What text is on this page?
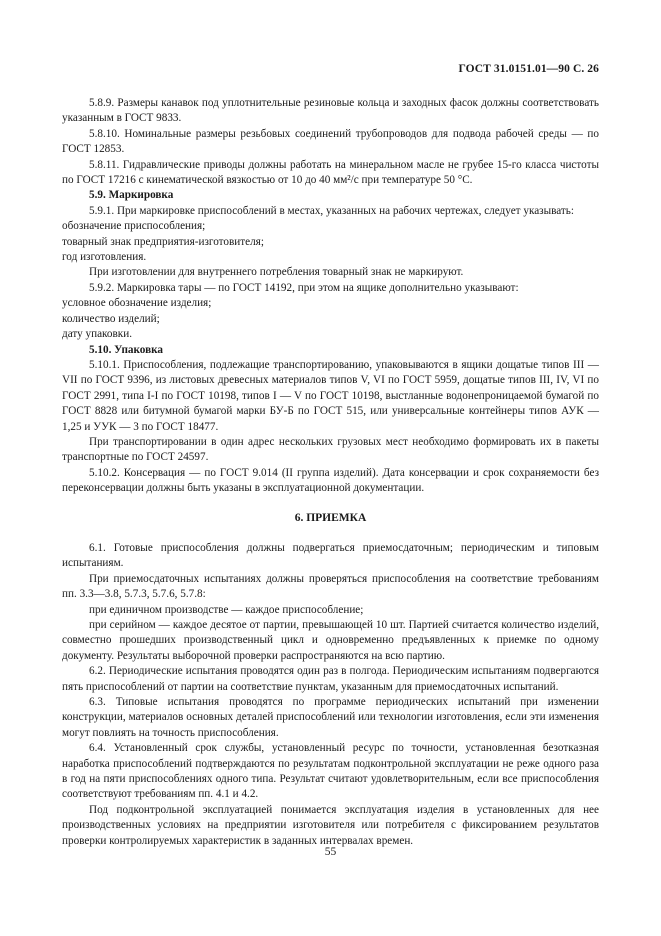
ГОСТ 31.0151.01—90 С. 26

5.8.9. Размеры канавок под уплотнительные резиновые кольца и заходных фасок должны соответствовать указанным в ГОСТ 9833.

5.8.10. Номинальные размеры резьбовых соединений трубопроводов для подвода рабочей среды — по ГОСТ 12853.

5.8.11. Гидравлические приводы должны работать на минеральном масле не грубее 15-го класса чистоты по ГОСТ 17216 с кинематической вязкостью от 10 до 40 мм²/с при температуре 50 °С.

5.9. Маркировка

5.9.1. При маркировке приспособлений в местах, указанных на рабочих чертежах, следует указывать:

обозначение приспособления;

товарный знак предприятия-изготовителя;

год изготовления.

При изготовлении для внутреннего потребления товарный знак не маркируют.

5.9.2. Маркировка тары — по ГОСТ 14192, при этом на ящике дополнительно указывают:

условное обозначение изделия;

количество изделий;

дату упаковки.

5.10. Упаковка

5.10.1. Приспособления, подлежащие транспортированию, упаковываются в ящики дощатые типов III — VII по ГОСТ 9396, из листовых древесных материалов типов V, VI по ГОСТ 5959, дощатые типов III, IV, VI по ГОСТ 2991, типа I-I по ГОСТ 10198, типов I — V по ГОСТ 10198, выстланные водонепроницаемой бумагой по ГОСТ 8828 или битумной бумагой марки БУ-Б по ГОСТ 515, или универсальные контейнеры типов АУК — 1,25 и УУК — 3 по ГОСТ 18477.

При транспортировании в один адрес нескольких грузовых мест необходимо формировать их в пакеты транспортные по ГОСТ 24597.

5.10.2. Консервация — по ГОСТ 9.014 (II группа изделий). Дата консервации и срок сохраняемости без переконсервации должны быть указаны в эксплуатационной документации.

6. ПРИЕМКА

6.1. Готовые приспособления должны подвергаться приемосдаточным; периодическим и типовым испытаниям.

При приемосдаточных испытаниях должны проверяться приспособления на соответствие требованиям пп. 3.3—3.8, 5.7.3, 5.7.6, 5.7.8:

при единичном производстве — каждое приспособление;

при серийном — каждое десятое от партии, превышающей 10 шт. Партией считается количество изделий, совместно прошедших производственный цикл и одновременно предъявленных к приемке по одному документу. Результаты выборочной проверки распространяются на всю партию.

6.2. Периодические испытания проводятся один раз в полгода. Периодическим испытаниям подвергаются пять приспособлений от партии на соответствие пунктам, указанным для приемосдаточных испытаний.

6.3. Типовые испытания проводятся по программе периодических испытаний при изменении конструкции, материалов основных деталей приспособлений или технологии изготовления, если эти изменения могут повлиять на точность приспособления.

6.4. Установленный срок службы, установленный ресурс по точности, установленная безотказная наработка приспособлений подтверждаются по результатам подконтрольной эксплуатации не реже одного раза в год на пяти приспособлениях одного типа. Результат считают удовлетворительным, если все приспособления соответствуют требованиям пп. 4.1 и 4.2.

Под подконтрольной эксплуатацией понимается эксплуатация изделия в установленных для нее производственных условиях на предприятии изготовителя или потребителя с фиксированием результатов проверки контролируемых характеристик в заданных интервалах времен.

55
